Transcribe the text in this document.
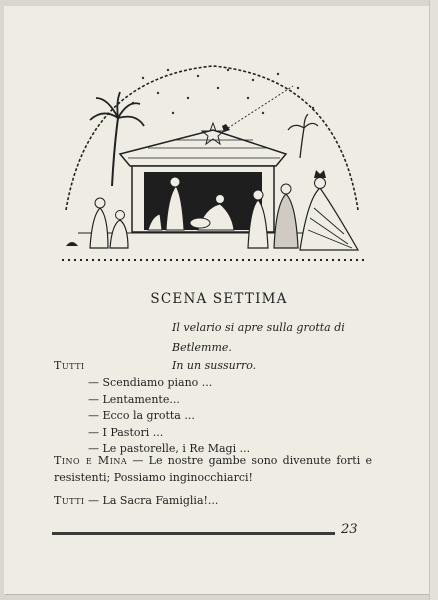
SCENA SETTIMA
Il velario si apre sulla grotta di Betlemme.
Tutti	In un sussurro.
— Scendiamo piano ...
— Lentamente...
— Ecco la grotta ...
— I Pastori ...
— Le pastorelle, i Re Magi ...
Tino e Mina — Le nostre gambe sono divenute forti e resistenti; Possiamo inginocchiarci!
Tutti — La Sacra Famiglia!...
23
